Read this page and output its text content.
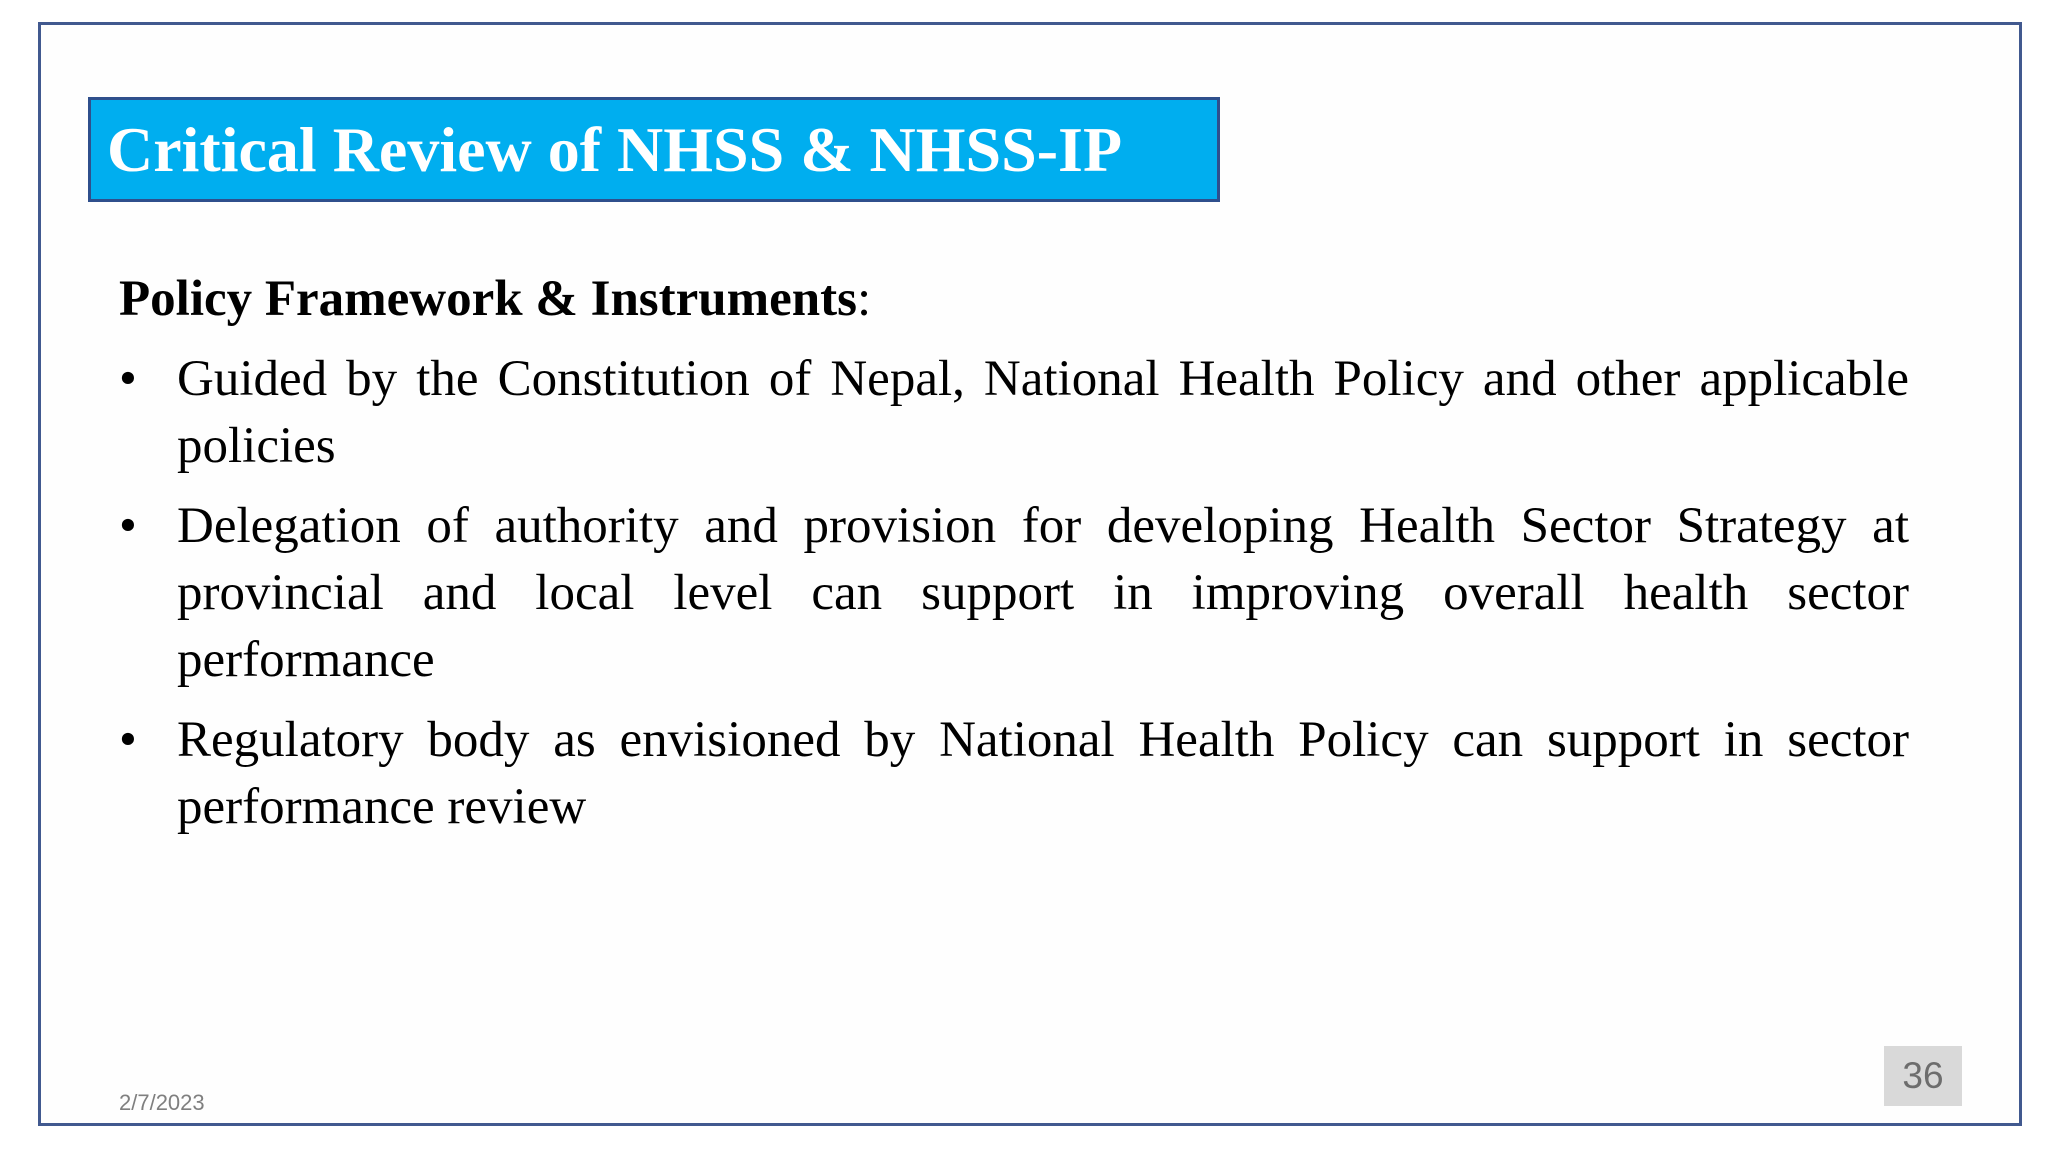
Critical Review of NHSS & NHSS-IP

Policy Framework & Instruments:

• Guided by the Constitution of Nepal, National Health Policy and other applicable policies
• Delegation of authority and provision for developing Health Sector Strategy at provincial and local level can support in improving overall health sector performance
• Regulatory body as envisioned by National Health Policy can support in sector performance review
2/7/2023
36
